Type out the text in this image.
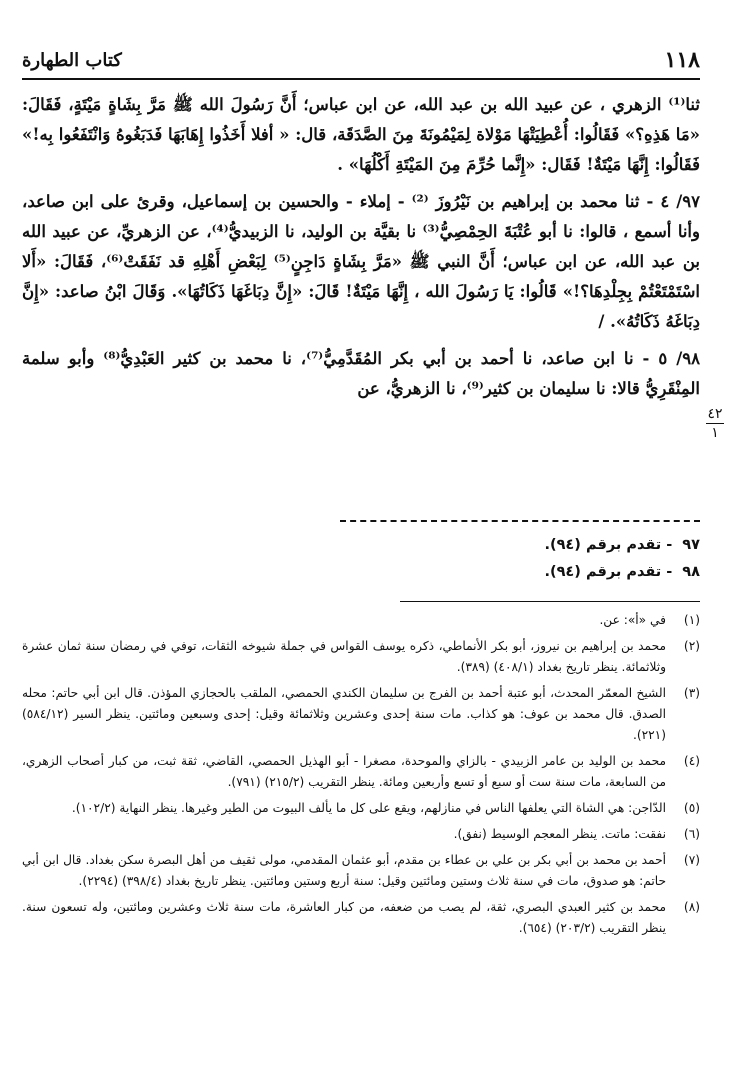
١١٨
كتاب الطهارة

ثنا⁽¹⁾ الزهري ، عن عبيد الله بن عبد الله، عن ابن عباس؛ أَنَّ رَسُولَ الله ﷺ مَرَّ بِشَاةٍ مَيْتَةٍ، فَقَالَ: «مَا هَذِهِ؟» فَقَالُوا: أُعْطِيَتْهَا مَوْلاة لِمَيْمُونَةَ مِنَ الصَّدَقَة، قال: « أفلا أَخَذُوا إِهَابَهَا فَدَبَغُوهُ وَانْتَفَعُوا بِه!» فَقَالُوا: إِنَّهَا مَيْتَةٌ! فَقَال: «إِنَّما حُرِّمَ مِنَ المَيْتَةِ أَكْلُهَا» .

٩٧/ ٤ - ثنا محمد بن إبراهيم بن نَيْرُوزَ ⁽²⁾ - إملاء - والحسين بن إسماعيل، وقرئ على ابن صاعد، وأنا أسمع ، قالوا: نا أبو عُتْبَةَ الحِمْصِيُّ⁽³⁾ نا بقيَّة بن الوليد، نا الزبيديُّ⁽⁴⁾، عن الزهريِّ، عن عبيد الله بن عبد الله، عن ابن عباس؛ أَنَّ النبي ﷺ «مَرَّ بِشَاةٍ دَاجِنٍ⁽⁵⁾ لِبَعْضِ أَهْلِهِ قد نَفَقَتْ⁽⁶⁾، فَقَالَ: «أَلا اسْتَمْتَعْتُمْ بِجِلْدِهَا؟!» قَالُوا: يَا رَسُولَ الله ، إِنَّهَا مَيْتَةٌ! قَالَ: «إِنَّ دِبَاغَهَا ذَكَاتُهَا». وَقَالَ ابْنُ صاعد: «إِنَّ دِبَاغَهُ ذَكَاتُهُ». /

٩٨/ ٥ - نا ابن صاعد، نا أحمد بن أبي بكر المُقَدَّمِيُّ⁽⁷⁾، نا محمد بن كثير العَبْدِيُّ⁽⁸⁾ وأبو سلمة المِنْقَرِيُّ قالا: نا سليمان بن كثير⁽⁹⁾، نا الزهريُّ، عن

٤٢
١
٩٧
- تقدم برقم (٩٤).
٩٨
- تقدم برقم (٩٤).
(١)
في «أ»: عن.
(٢)
محمد بن إبراهيم بن نيروز، أبو بكر الأنماطي، ذكره يوسف القواس في جملة شيوخه الثقات، توفي في رمضان سنة ثمان عشرة وثلاثمائة. ينظر تاريخ بغداد (٤٠٨/١) (٣٨٩).
(٣)
الشيخ المعمّر المحدث، أبو عتبة أحمد بن الفرج بن سليمان الكندي الحمصي، الملقب بالحجازي المؤذن. قال ابن أبي حاتم: محله الصدق. قال محمد بن عوف: هو كذاب. مات سنة إحدى وعشرين وثلاثمائة وقيل: إحدى وسبعين ومائتين. ينظر السير (٥٨٤/١٢) (٢٢١).
(٤)
محمد بن الوليد بن عامر الزبيدي - بالزاي والموحدة، مصغرا - أبو الهذيل الحمصي، القاضي، ثقة ثبت، من كبار أصحاب الزهري، من السابعة، مات سنة ست أو سبع أو تسع وأربعين ومائة. ينظر التقريب (٢١٥/٢) (٧٩١).
(٥)
الدّاجن: هي الشاة التي يعلفها الناس في منازلهم، ويقع على كل ما يألف البيوت من الطير وغيرها. ينظر النهاية (١٠٢/٢).
(٦)
نفقت: ماتت. ينظر المعجم الوسيط (نفق).
(٧)
أحمد بن محمد بن أبي بكر بن علي بن عطاء بن مقدم، أبو عثمان المقدمي، مولى ثقيف من أهل البصرة سكن بغداد. قال ابن أبي حاتم: هو صدوق، مات في سنة ثلاث وستين ومائتين وقيل: سنة أربع وستين ومائتين. ينظر تاريخ بغداد (٣٩٨/٤) (٢٢٩٤).
(٨)
محمد بن كثير العبدي البصري، ثقة، لم يصب من ضعفه، من كبار العاشرة، مات سنة ثلاث وعشرين ومائتين، وله تسعون سنة. ينظر التقريب (٢٠٣/٢) (٦٥٤).
